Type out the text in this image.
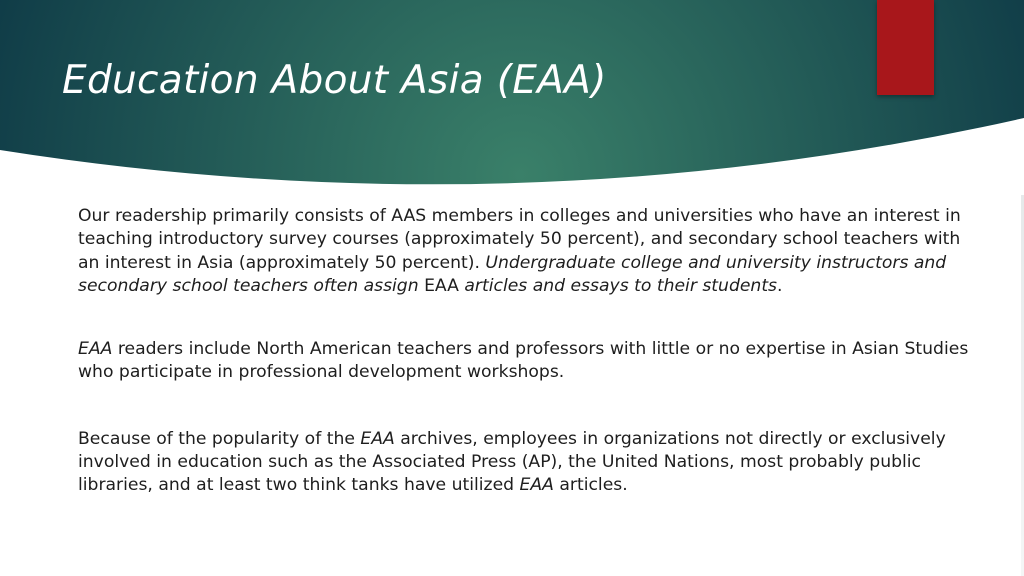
Education About Asia (EAA)

Our readership primarily consists of AAS members in colleges and universities who have an interest in teaching introductory survey courses (approximately 50 percent), and secondary school teachers with an interest in Asia (approximately 50 percent). Undergraduate college and university instructors and secondary school teachers often assign EAA articles and essays to their students.

EAA readers include North American teachers and professors with little or no expertise in Asian Studies who participate in professional development workshops.

Because of the popularity of the EAA archives, employees in organizations not directly or exclusively involved in education such as the Associated Press (AP), the United Nations, most probably public libraries, and at least two think tanks have utilized EAA articles.
